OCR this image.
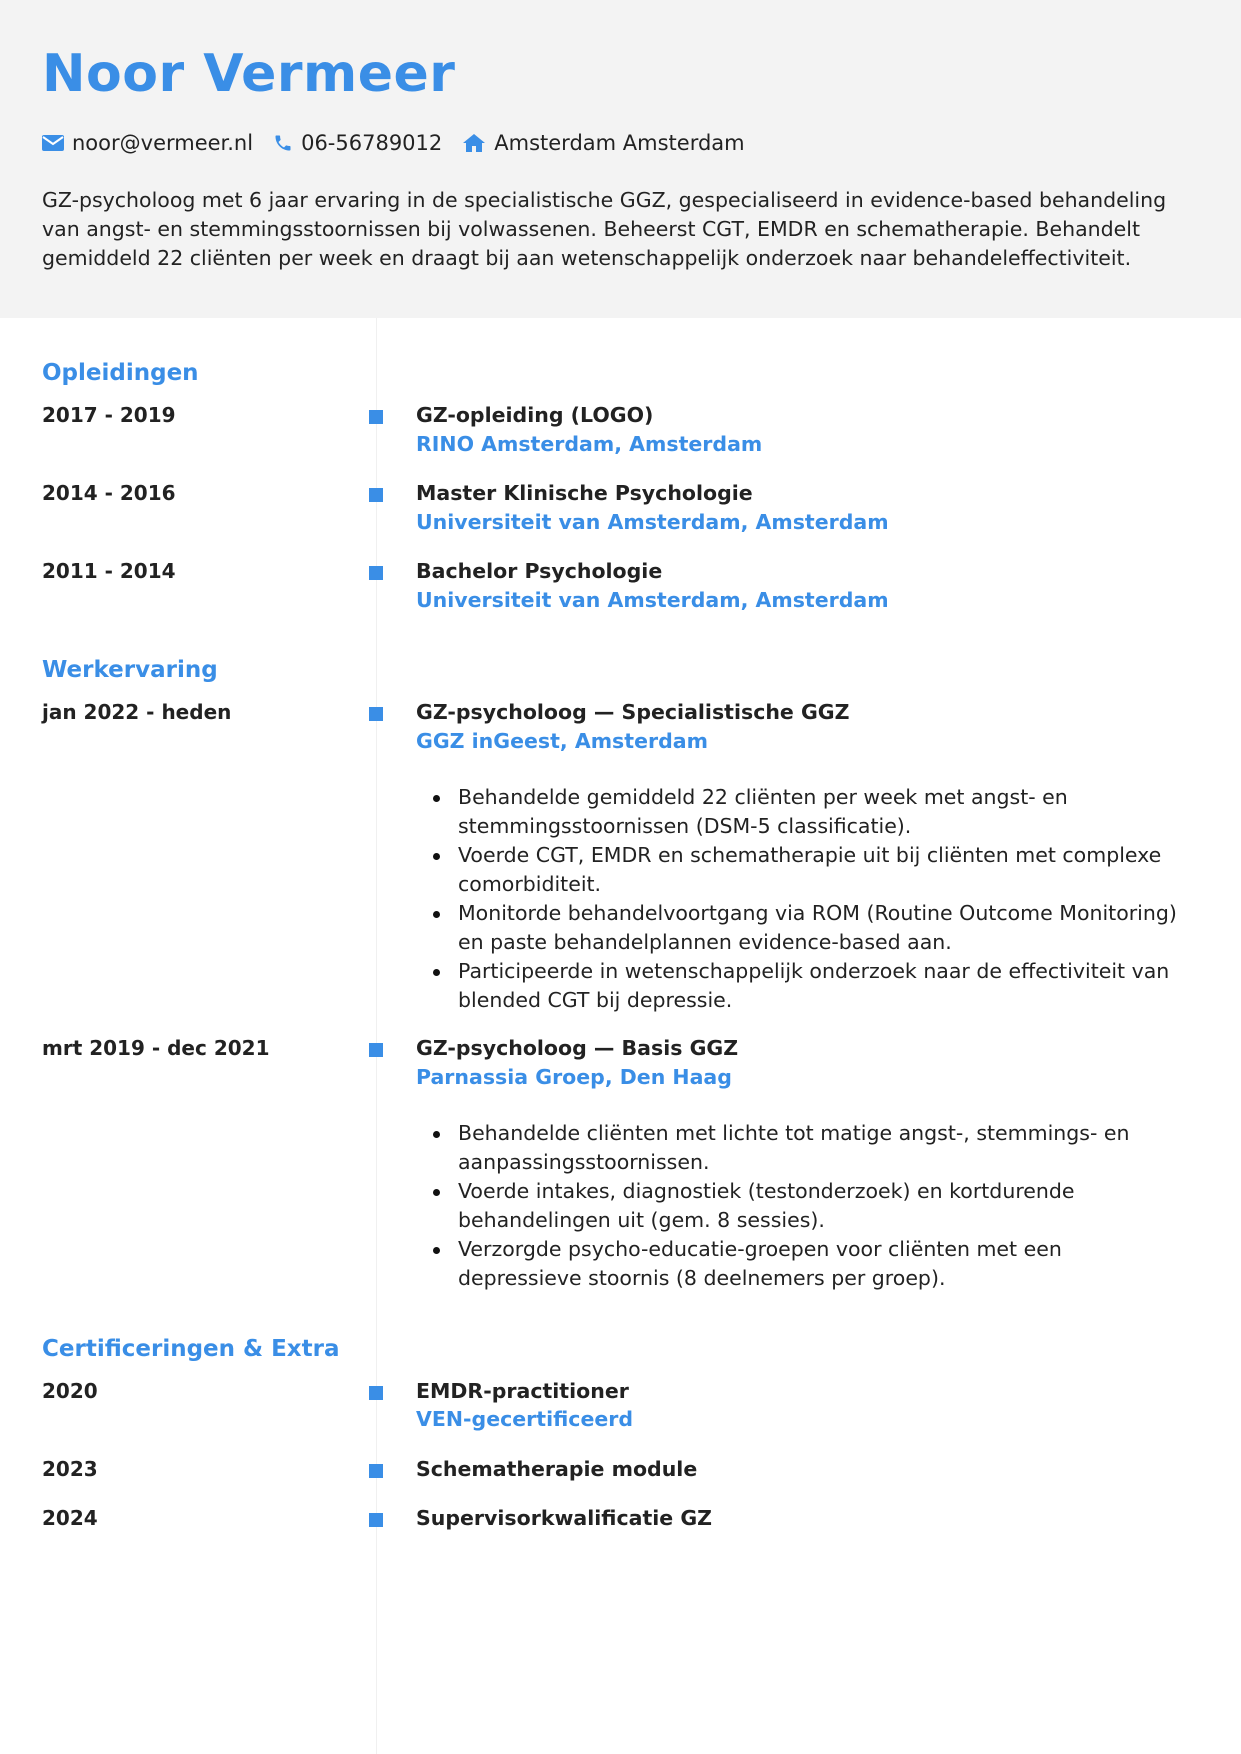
Noor Vermeer
noor@vermeer.nl 06-56789012 Amsterdam Amsterdam

GZ-psycholoog met 6 jaar ervaring in de specialistische GGZ, gespecialiseerd in evidence-based behandeling van angst- en stemmingsstoornissen bij volwassenen. Beheerst CGT, EMDR en schematherapie. Behandelt gemiddeld 22 cliënten per week en draagt bij aan wetenschappelijk onderzoek naar behandeleffectiviteit.

Opleidingen
2017 - 2019	GZ-opleiding (LOGO)
RINO Amsterdam, Amsterdam
2014 - 2016	Master Klinische Psychologie
Universiteit van Amsterdam, Amsterdam
2011 - 2014	Bachelor Psychologie
Universiteit van Amsterdam, Amsterdam
Werkervaring
jan 2022 - heden	GZ-psycholoog — Specialistische GGZ
GGZ inGeest, Amsterdam
Behandelde gemiddeld 22 cliënten per week met angst- en stemmingsstoornissen (DSM-5 classificatie).
Voerde CGT, EMDR en schematherapie uit bij cliënten met complexe comorbiditeit.
Monitorde behandelvoortgang via ROM (Routine Outcome Monitoring) en paste behandelplannen evidence-based aan.
Participeerde in wetenschappelijk onderzoek naar de effectiviteit van blended CGT bij depressie.
mrt 2019 - dec 2021	GZ-psycholoog — Basis GGZ
Parnassia Groep, Den Haag
Behandelde cliënten met lichte tot matige angst-, stemmings- en aanpassingsstoornissen.
Voerde intakes, diagnostiek (testonderzoek) en kortdurende behandelingen uit (gem. 8 sessies).
Verzorgde psycho-educatie-groepen voor cliënten met een depressieve stoornis (8 deelnemers per groep).
Certificeringen & Extra
2020	EMDR-practitioner
VEN-gecertificeerd
2023	Schematherapie module
2024	Supervisorkwalificatie GZ
